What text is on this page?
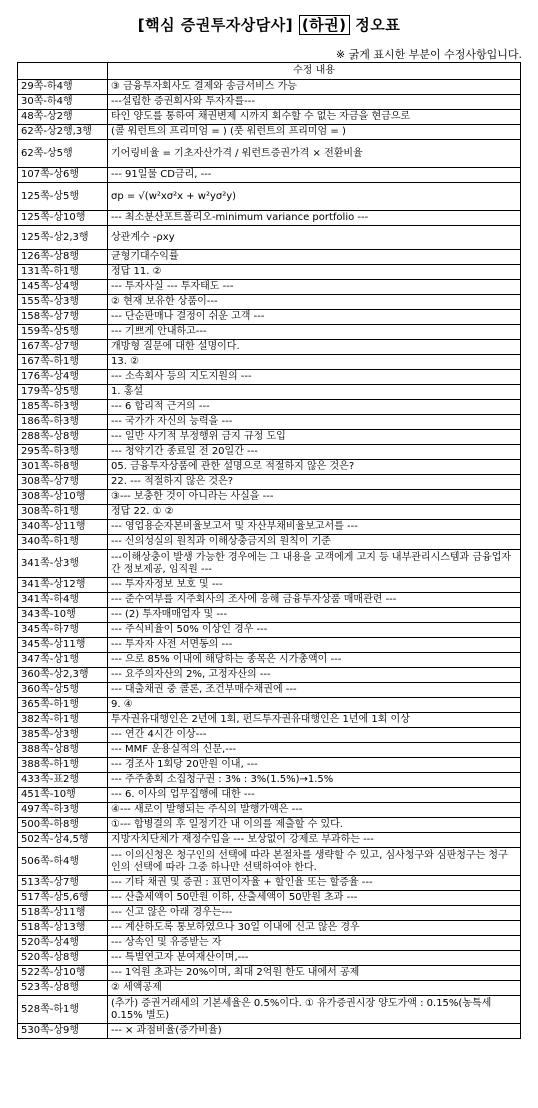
[핵심 증권투자상담사] (하권) 정오표
※ 굵게 표시한 부분이 수정사항입니다.
	수정 내용
29쪽-하4행	③ 금융투자회사도 결제와 송금서비스 가능
30쪽-하4행	---설립한 증권회사와 투자자를---
48쪽-상2행	타인 양도를 통하여 채권변제 시까지 회수할 수 없는 자금을 현금으로
62쪽-상2행,3행	(콜 워런트의 프리미엄 = ) (풋 워런트의 프리미엄 = )
62쪽-상5행	기어링비율 = 기초자산가격 / 워런트증권가격 × 전환비율
107쪽-상6행	--- 91일물 CD금리, ---
125쪽-상5행	σp = √(w²xσ²x + w²yσ²y)
125쪽-상10행	--- 최소분산포트폴리오-minimum variance portfolio ---
125쪽-상2,3행	상관계수 -ρxy
126쪽-상8행	균형기대수익률
131쪽-하1행	정답 11. ②
145쪽-상4행	--- 투자사실 --- 투자태도 ---
155쪽-상3행	② 현재 보유한 상품이---
158쪽-상7행	--- 단순판매나 결정이 쉬운 고객 ---
159쪽-상5행	--- 기쁘게 안내하고---
167쪽-상7행	개방형 질문에 대한 설명이다.
167쪽-하1행	13. ②
176쪽-상4행	--- 소속회사 등의 지도지원의 ---
179쪽-상5행	1. 홍설
185쪽-하3행	--- 6 합리적 근거의 ---
186쪽-하3행	--- 국가가 자신의 능력을 ---
288쪽-상8행	--- 일반 사기적 부정행위 금지 규정 도입
295쪽-하3행	--- 청약기간 종료일 전 20일간 ---
301쪽-하8행	05. 금융투자상품에 관한 설명으로 적절하지 않은 것은?
308쪽-상7행	22. --- 적절하지 않은 것은?
308쪽-상10행	③--- 보충한 것이 아니라는 사실을 ---
308쪽-하1행	정답 22. ① ②
340쪽-상11행	--- 영업용순자본비율보고서 및 자산부채비율보고서를 ---
340쪽-하1행	--- 신의성실의 원칙과 이해상충금지의 원칙이 기준
341쪽-상3행	---이해상충이 발생 가능한 경우에는 그 내용을 고객에게 고지 등 내부관리시스템과 금융업자 간 정보제공, 임직원 ---
341쪽-상12행	--- 투자자정보 보호 및 ---
341쪽-하4행	--- 준수여부를 지주회사의 조사에 응해 금융투자상품 매매관련 ---
343쪽-10행	--- (2) 투자매매업자 및 ---
345쪽-하7행	--- 주식비율이 50% 이상인 경우 ---
345쪽-상11행	--- 투자자 사전 서면동의 ---
347쪽-상1행	--- 으로 85% 이내에 해당하는 종목은 시가총액이 ---
360쪽-상2,3행	--- 요주의자산의 2%, 고정자산의 ---
360쪽-상5행	--- 대출채권 중 콜론, 조건부매수채권에 ---
365쪽-하1행	9. ④
382쪽-하1행	투자권유대행인은 2년에 1회, 펀드투자권유대행인은 1년에 1회 이상
385쪽-상3행	--- 연간 4시간 이상---
388쪽-상8행	--- MMF 운용실적의 신문,---
388쪽-하1행	--- 경조사 1회당 20만원 이내, ---
433쪽-표2행	--- 주주총회 소집청구권 : 3% : 3%(1.5%)→1.5%
451쪽-10행	--- 6. 이사의 업무집행에 대한 ---
497쪽-하3행	④--- 새로이 발행되는 주식의 발행가액은 ---
500쪽-하8행	①--- 합병결의 후 일정기간 내 이의를 제출할 수 있다.
502쪽-상4,5행	지방자치단체가 재정수입을 --- 보상없이 강제로 부과하는 ---
506쪽-하4행	--- 이의신청은 청구인의 선택에 따라 본절차를 생략할 수 있고, 심사청구와 심판청구는 청구인의 선택에 따라 그중 하나만 선택하여야 한다.
513쪽-상7행	--- 기타 채권 및 증권 : 표면이자율 + 할인율 또는 할증율 ---
517쪽-상5,6행	--- 산출세액이 50만원 이하, 산출세액이 50만원 초과 ---
518쪽-상11행	--- 신고 않은 아래 경우는---
518쪽-상13행	--- 계산하도록 통보하였으나 30일 이내에 신고 않은 경우
520쪽-상4행	--- 상속인 및 유증받는 자
520쪽-상8행	--- 특별연고자 분여재산이며,---
522쪽-상10행	--- 1억원 초과는 20%이며, 최대 2억원 한도 내에서 공제
523쪽-상8행	② 세액공제
528쪽-하1행	(추가) 증권거래세의 기본세율은 0.5%이다. ① 유가증권시장 양도가액 : 0.15%(농특세 0.15% 별도)
530쪽-상9행	--- × 과점비율(증가비율)
